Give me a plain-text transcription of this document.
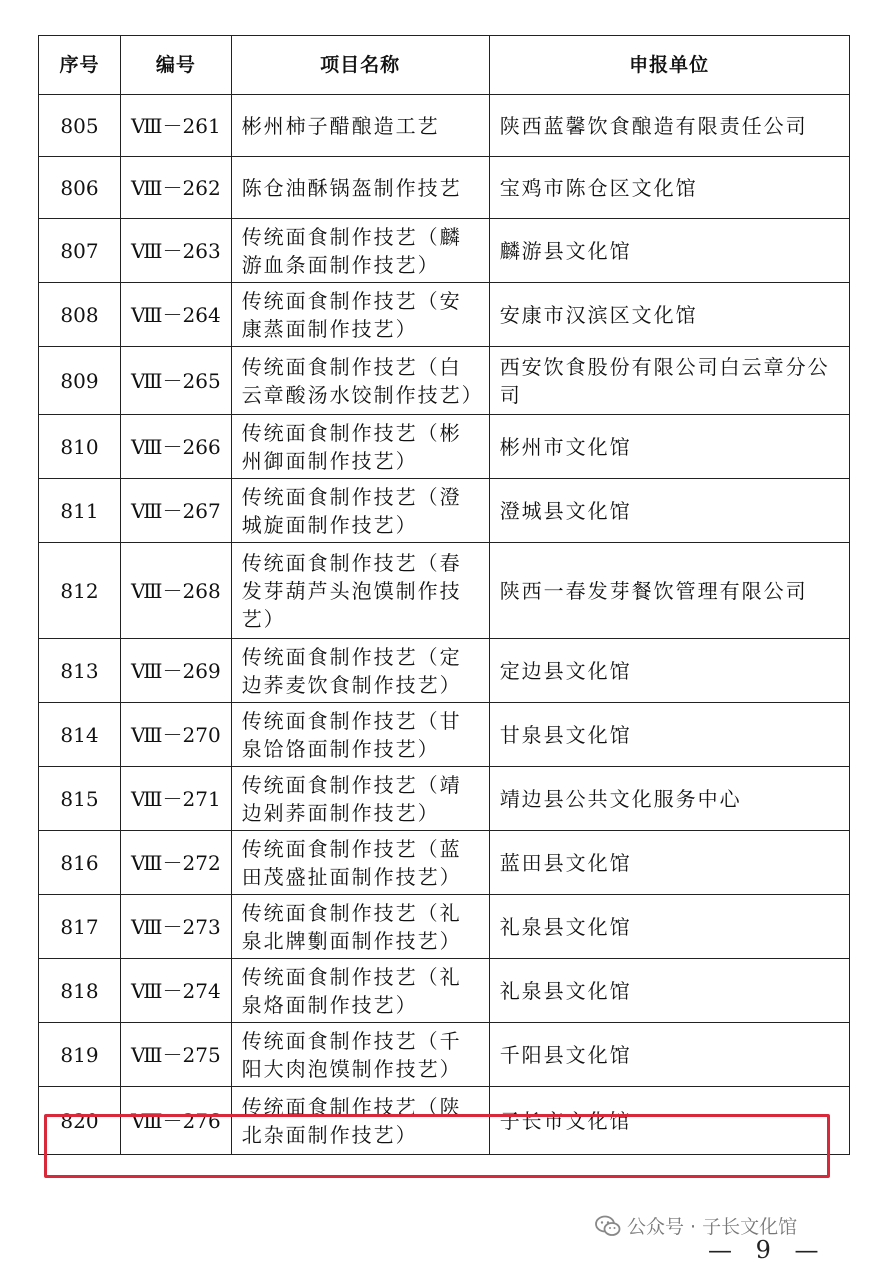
序号	编号	项目名称	申报单位
805	Ⅷ－261	彬州柿子醋酿造工艺	陕西蓝馨饮食酿造有限责任公司
806	Ⅷ－262	陈仓油酥锅盔制作技艺	宝鸡市陈仓区文化馆
807	Ⅷ－263	传统面食制作技艺（麟游血条面制作技艺）	麟游县文化馆
808	Ⅷ－264	传统面食制作技艺（安康蒸面制作技艺）	安康市汉滨区文化馆
809	Ⅷ－265	传统面食制作技艺（白云章酸汤水饺制作技艺）	西安饮食股份有限公司白云章分公司
810	Ⅷ－266	传统面食制作技艺（彬州御面制作技艺）	彬州市文化馆
811	Ⅷ－267	传统面食制作技艺（澄城旋面制作技艺）	澄城县文化馆
812	Ⅷ－268	传统面食制作技艺（春发芽葫芦头泡馍制作技艺）	陕西一春发芽餐饮管理有限公司
813	Ⅷ－269	传统面食制作技艺（定边荞麦饮食制作技艺）	定边县文化馆
814	Ⅷ－270	传统面食制作技艺（甘泉饸饹面制作技艺）	甘泉县文化馆
815	Ⅷ－271	传统面食制作技艺（靖边剁荞面制作技艺）	靖边县公共文化服务中心
816	Ⅷ－272	传统面食制作技艺（蓝田茂盛扯面制作技艺）	蓝田县文化馆
817	Ⅷ－273	传统面食制作技艺（礼泉北牌劐面制作技艺）	礼泉县文化馆
818	Ⅷ－274	传统面食制作技艺（礼泉烙面制作技艺）	礼泉县文化馆
819	Ⅷ－275	传统面食制作技艺（千阳大肉泡馍制作技艺）	千阳县文化馆
820	Ⅷ－276	传统面食制作技艺（陕北杂面制作技艺）	子长市文化馆
公众号 · 子长文化馆
— 9 —
